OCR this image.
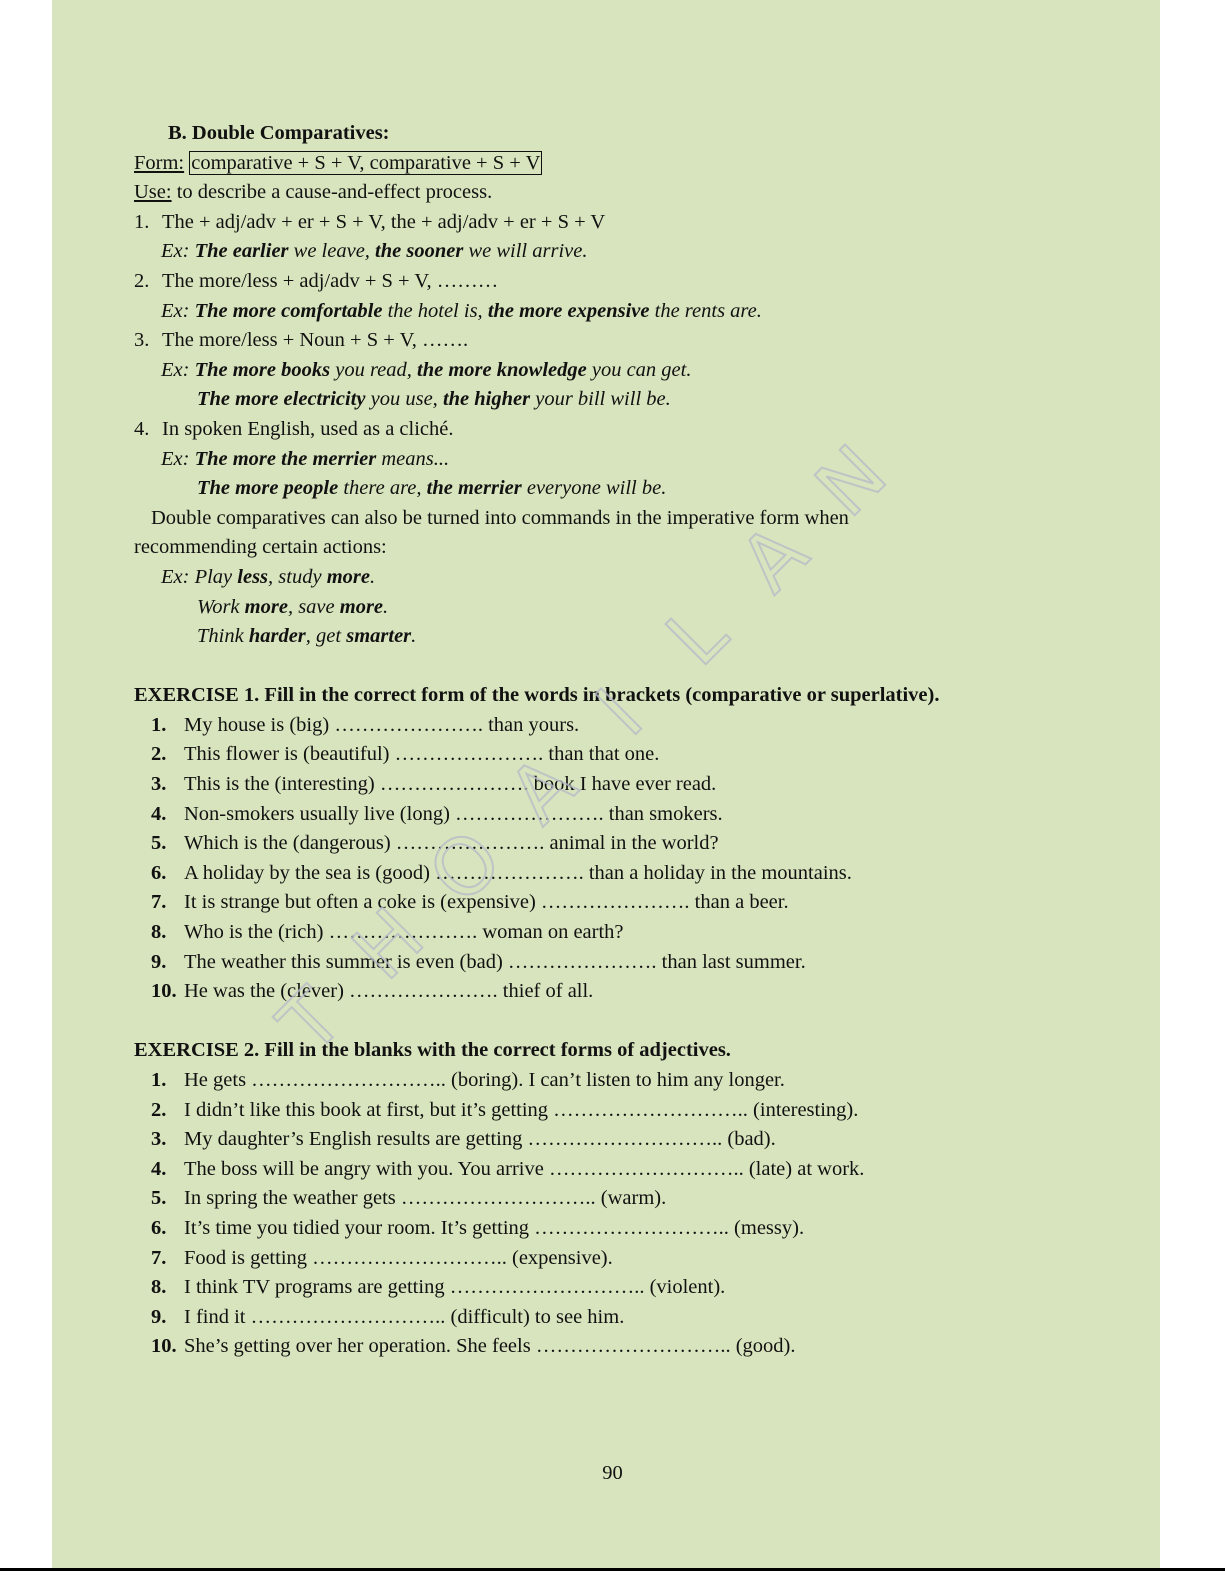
B. Double Comparatives:
Form: comparative + S + V, comparative + S + V
Use: to describe a cause-and-effect process.
1. The + adj/adv + er + S + V, the + adj/adv + er + S + V
Ex: The earlier we leave, the sooner we will arrive.
2. The more/less + adj/adv + S + V, ………
Ex: The more comfortable the hotel is, the more expensive the rents are.
3. The more/less + Noun + S + V, …….
Ex: The more books you read, the more knowledge you can get.
The more electricity you use, the higher your bill will be.
4. In spoken English, used as a cliché.
Ex: The more the merrier means...
The more people there are, the merrier everyone will be.
Double comparatives can also be turned into commands in the imperative form when
recommending certain actions:
Ex: Play less, study more.
Work more, save more.
Think harder, get smarter.
EXERCISE 1. Fill in the correct form of the words in brackets (comparative or superlative).
1. My house is (big) …………………. than yours.
2. This flower is (beautiful) …………………. than that one.
3. This is the (interesting) …………………. book I have ever read.
4. Non-smokers usually live (long) …………………. than smokers.
5. Which is the (dangerous) …………………. animal in the world?
6. A holiday by the sea is (good) …………………. than a holiday in the mountains.
7. It is strange but often a coke is (expensive) …………………. than a beer.
8. Who is the (rich) …………………. woman on earth?
9. The weather this summer is even (bad) …………………. than last summer.
10. He was the (clever) …………………. thief of all.
EXERCISE 2. Fill in the blanks with the correct forms of adjectives.
1. He gets ……………………….. (boring). I can’t listen to him any longer.
2. I didn’t like this book at first, but it’s getting ……………………….. (interesting).
3. My daughter’s English results are getting ……………………….. (bad).
4. The boss will be angry with you. You arrive ……………………….. (late) at work.
5. In spring the weather gets ……………………….. (warm).
6. It’s time you tidied your room. It’s getting ……………………….. (messy).
7. Food is getting ……………………….. (expensive).
8. I think TV programs are getting ……………………….. (violent).
9. I find it ……………………….. (difficult) to see him.
10. She’s getting over her operation. She feels ……………………….. (good).
90
T
H
O
A
I
L
A
N
